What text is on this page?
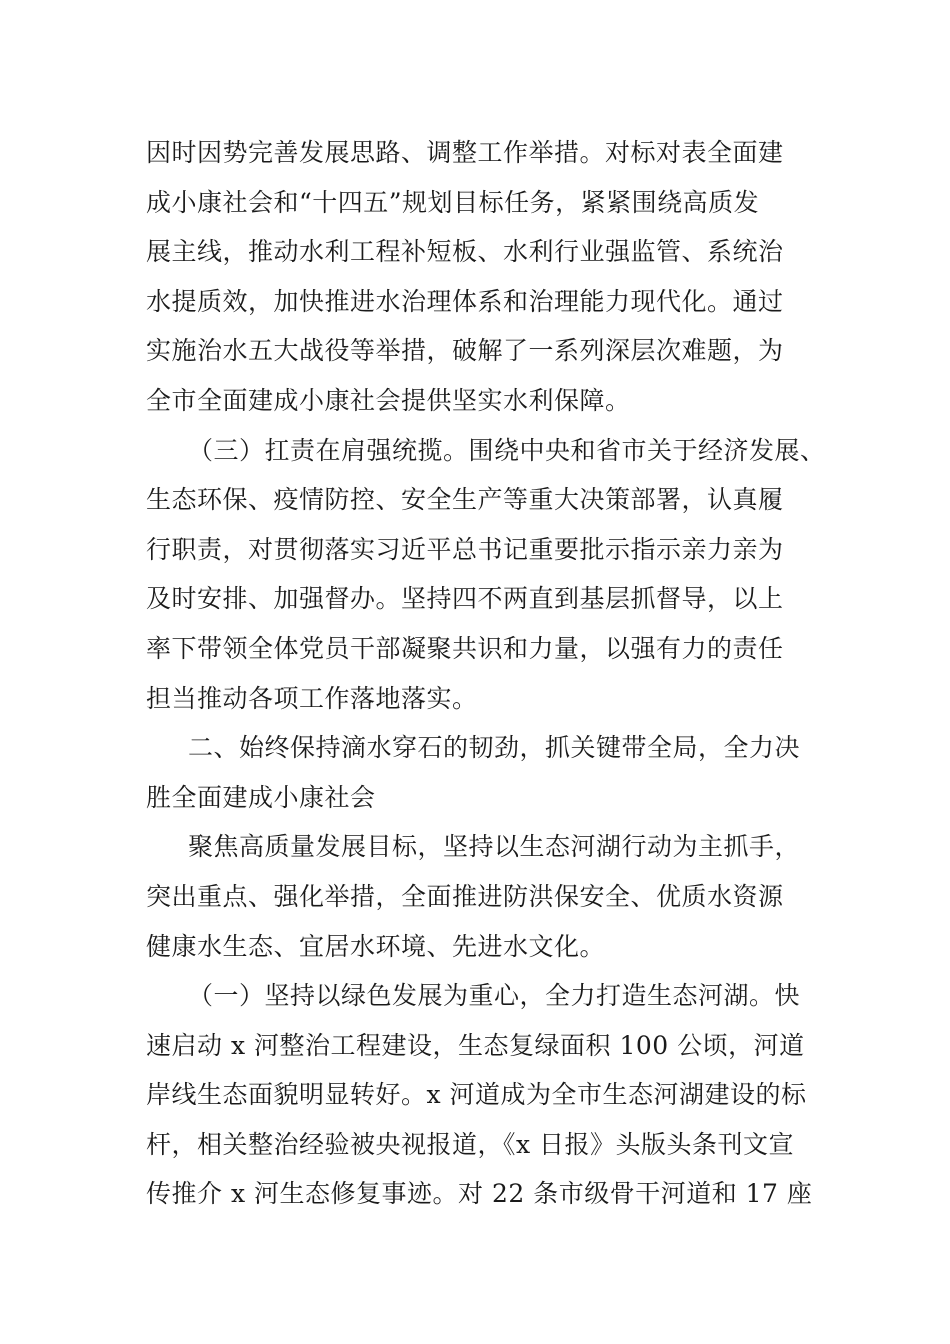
因时因势完善发展思路、调整工作举措。对标对表全面建
成小康社会和“十四五”规划目标任务，紧紧围绕高质发
展主线，推动水利工程补短板、水利行业强监管、系统治
水提质效，加快推进水治理体系和治理能力现代化。通过
实施治水五大战役等举措，破解了一系列深层次难题，为
全市全面建成小康社会提供坚实水利保障。
（三）扛责在肩强统揽。围绕中央和省市关于经济发展、
生态环保、疫情防控、安全生产等重大决策部署，认真履
行职责，对贯彻落实习近平总书记重要批示指示亲力亲为
及时安排、加强督办。坚持四不两直到基层抓督导，以上
率下带领全体党员干部凝聚共识和力量，以强有力的责任
担当推动各项工作落地落实。
二、始终保持滴水穿石的韧劲，抓关键带全局，全力决
胜全面建成小康社会
聚焦高质量发展目标，坚持以生态河湖行动为主抓手，
突出重点、强化举措，全面推进防洪保安全、优质水资源
健康水生态、宜居水环境、先进水文化。
（一）坚持以绿色发展为重心，全力打造生态河湖。快
速启动 x 河整治工程建设，生态复绿面积 100 公顷，河道
岸线生态面貌明显转好。x 河道成为全市生态河湖建设的标
杆，相关整治经验被央视报道，《x 日报》头版头条刊文宣
传推介 x 河生态修复事迹。对 22 条市级骨干河道和 17 座
